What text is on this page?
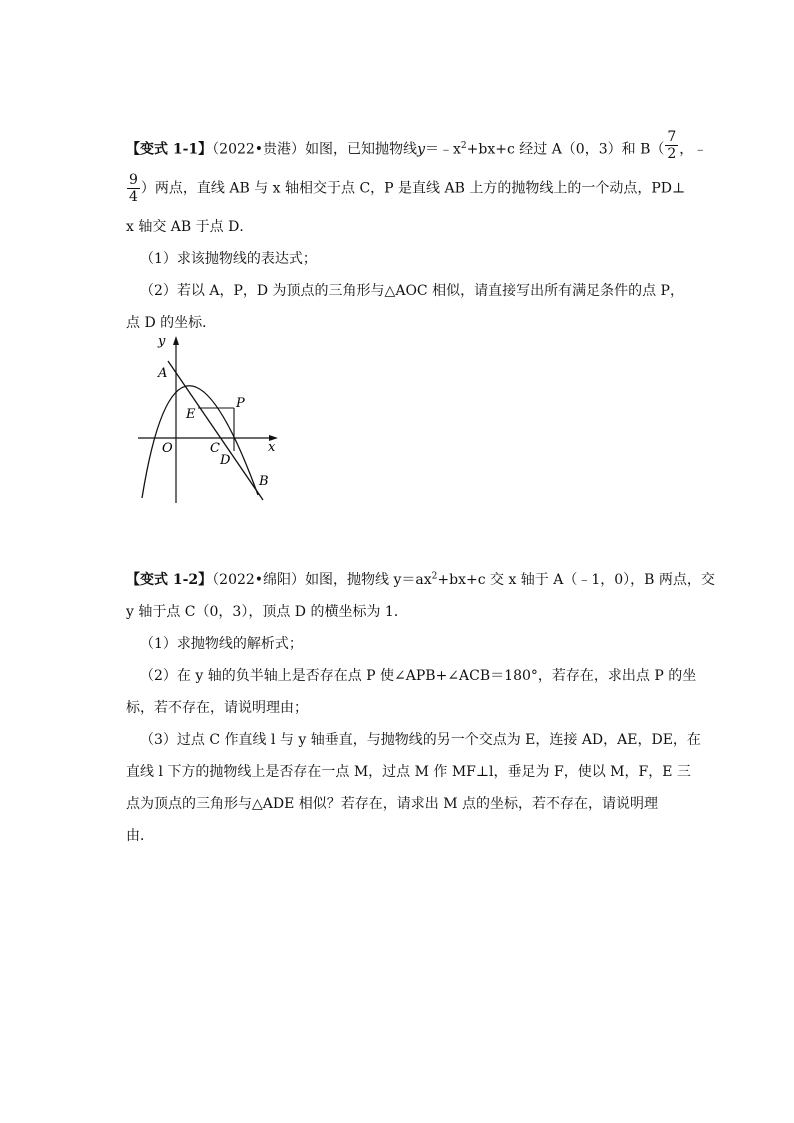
【变式 1-1】（2022•贵港）如图，已知抛物线$y=﹣x^2+bx+c$ 经过 A（0，3）和 $B( \frac{7}{2}$ ，﹣
$\frac{9}{4}$ ）两点，直线 AB 与 x 轴相交于点 C，P 是直线 AB 上方的抛物线上的一个动点，PD⊥
x 轴交 AB 于点 D．
（1）求该抛物线的表达式；
（2）若以 A，P，D 为顶点的三角形与△AOC 相似，请直接写出所有满足条件的点 P，
点 D 的坐标．
y
x
A
P
E
O	C
D
B
【变式 1-2】（2022•绵阳）如图，抛物线 $y=ax^2+bx+c$ 交 x 轴于 A（﹣1，0），B 两点，交
y 轴于点 C（0，3），顶点 D 的横坐标为 1．
（1）求抛物线的解析式；
（2）在 y 轴的负半轴上是否存在点 P 使∠APB+∠ACB＝180°，若存在，求出点 P 的坐
标，若不存在，请说明理由；
（3）过点 C 作直线 l 与 y 轴垂直，与抛物线的另一个交点为 E，连接 AD，AE，DE，在
直线 l 下方的抛物线上是否存在一点 M，过点 M 作 MF⊥l，垂足为 F，使以 M，F，E 三
点为顶点的三角形与△ADE 相似？若存在，请求出 M 点的坐标，若不存在，请说明理
由．
